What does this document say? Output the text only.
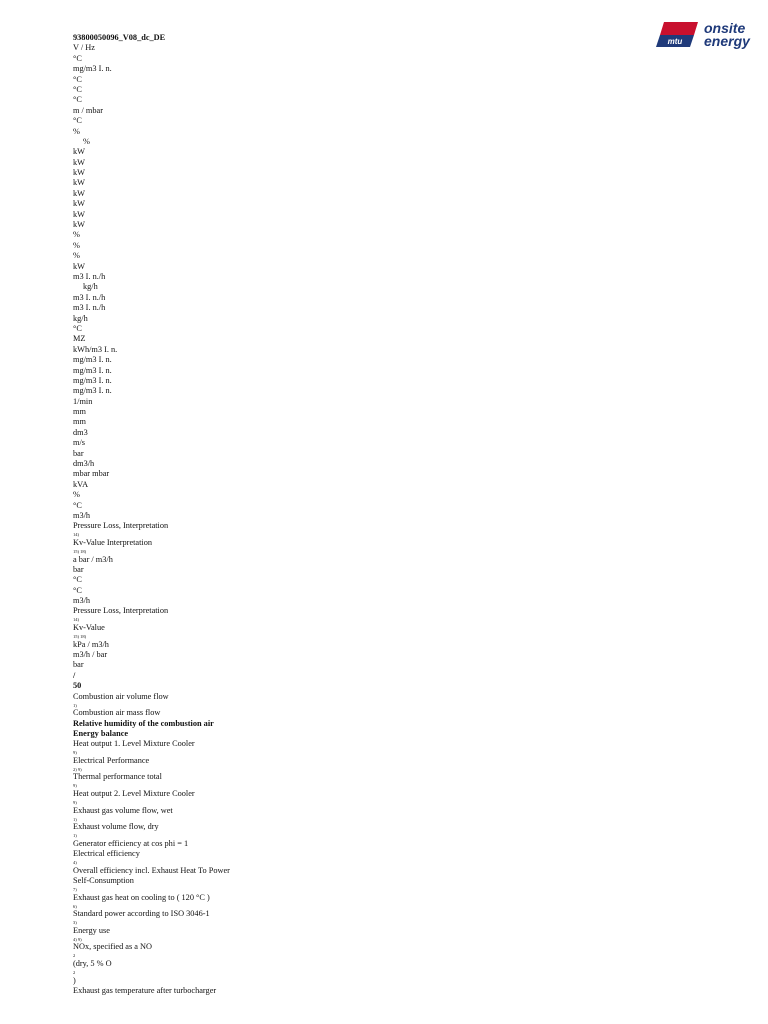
mtu
onsite
energy
93800050096_V08_dc_DE
V / Hz
°C
mg/m3 I. n.
°C
°C
°C
m / mbar
°C
%
%
kW
kW
kW
kW
kW
kW
kW
kW
%
%
%
kW
m3 I. n./h
kg/h
m3 I. n./h
m3 I. n./h
kg/h
°C
MZ
kWh/m3 I. n.
mg/m3 I. n.
mg/m3 I. n.
mg/m3 I. n.
mg/m3 I. n.
1/min
mm
mm
dm3
m/s
bar
dm3/h
mbar mbar
kVA
%
°C
m3/h
Pressure Loss, Interpretation
14)
Kv-Value Interpretation
15) 18)
a bar / m3/h
bar
°C
°C
m3/h
Pressure Loss, Interpretation
14)
Kv-Value
15) 18)
kPa / m3/h
m3/h / bar
bar
/
50
Combustion air volume flow
1)
Combustion air mass flow
Relative humidity of the combustion air
Energy balance
Heat output 1. Level Mixture Cooler
9)
Electrical Performance
2) 9)
Thermal performance total
9)
Heat output 2. Level Mixture Cooler
9)
Exhaust gas volume flow, wet
1)
Exhaust volume flow, dry
1)
Generator efficiency at cos phi = 1
Electrical efficiency
4)
Overall efficiency incl. Exhaust Heat To Power
Self-Consumption
7)
Exhaust gas heat on cooling to ( 120 °C )
6)
Standard power according to ISO 3046-1
3)
Energy use
4) 9)
NOx, specified as a NO
2
(dry, 5 % O
2
)
Exhaust gas temperature after turbocharger
